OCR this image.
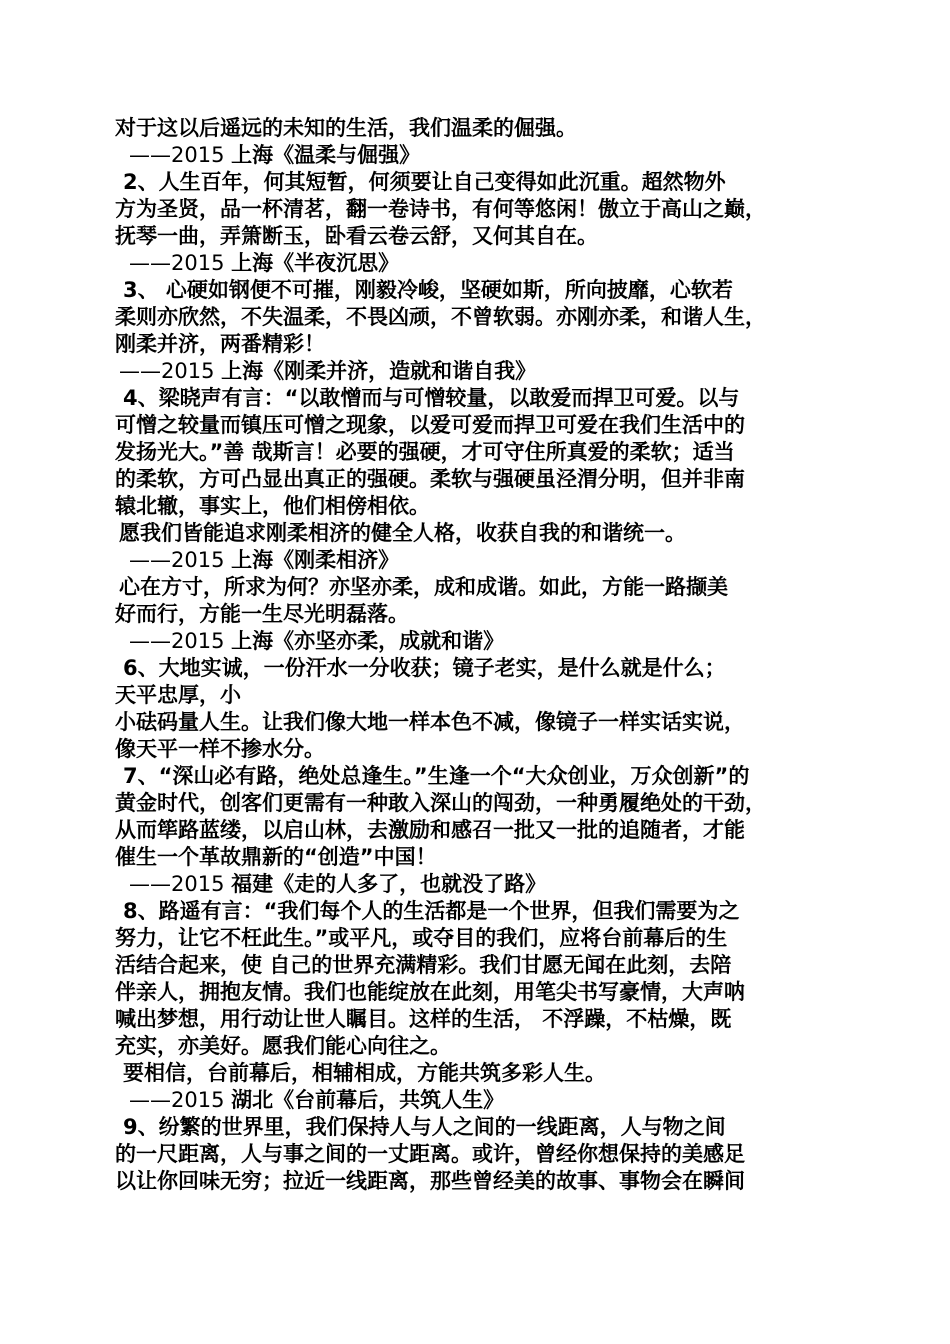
对于这以后遥远的未知的生活，我们温柔的倔强。
——2015 上海《温柔与倔强》
2、人生百年，何其短暂，何须要让自己变得如此沉重。超然物外
方为圣贤，品一杯清茗，翻一卷诗书，有何等悠闲！傲立于高山之巅，
抚琴一曲，弄箫断玉，卧看云卷云舒，又何其自在。
——2015 上海《半夜沉思》
3、 心硬如钢便不可摧，刚毅冷峻，坚硬如斯，所向披靡，心软若
柔则亦欣然，不失温柔，不畏凶顽，不曾软弱。亦刚亦柔，和谐人生，
刚柔并济，两番精彩！
——2015 上海《刚柔并济，造就和谐自我》
4、梁晓声有言：“以敢憎而与可憎较量，以敢爱而捍卫可爱。以与
可憎之较量而镇压可憎之现象，以爱可爱而捍卫可爱在我们生活中的
发扬光大。”善 哉斯言！必要的强硬，才可守住所真爱的柔软；适当
的柔软，方可凸显出真正的强硬。柔软与强硬虽泾渭分明，但并非南
辕北辙，事实上，他们相傍相依。
愿我们皆能追求刚柔相济的健全人格，收获自我的和谐统一。
——2015 上海《刚柔相济》
心在方寸，所求为何？亦坚亦柔，成和成谐。如此，方能一路撷美
好而行，方能一生尽光明磊落。
——2015 上海《亦坚亦柔，成就和谐》
6、大地实诚，一份汗水一分收获；镜子老实，是什么就是什么；
天平忠厚，小
小砝码量人生。让我们像大地一样本色不减，像镜子一样实话实说，
像天平一样不掺水分。
7、“深山必有路，绝处总逢生。”生逢一个“大众创业，万众创新”的
黄金时代，创客们更需有一种敢入深山的闯劲，一种勇履绝处的干劲，
从而筚路蓝缕，以启山林，去激励和感召一批又一批的追随者，才能
催生一个革故鼎新的“创造”中国！
——2015 福建《走的人多了，也就没了路》
8、路遥有言：“我们每个人的生活都是一个世界，但我们需要为之
努力，让它不枉此生。”或平凡，或夺目的我们，应将台前幕后的生
活结合起来，使 自己的世界充满精彩。我们甘愿无闻在此刻，去陪
伴亲人，拥抱友情。我们也能绽放在此刻，用笔尖书写豪情，大声呐
喊出梦想，用行动让世人瞩目。这样的生活， 不浮躁，不枯燥，既
充实，亦美好。愿我们能心向往之。
要相信，台前幕后，相辅相成，方能共筑多彩人生。
——2015 湖北《台前幕后，共筑人生》
9、纷繁的世界里，我们保持人与人之间的一线距离，人与物之间
的一尺距离，人与事之间的一丈距离。或许，曾经你想保持的美感足
以让你回味无穷；拉近一线距离，那些曾经美的故事、事物会在瞬间
